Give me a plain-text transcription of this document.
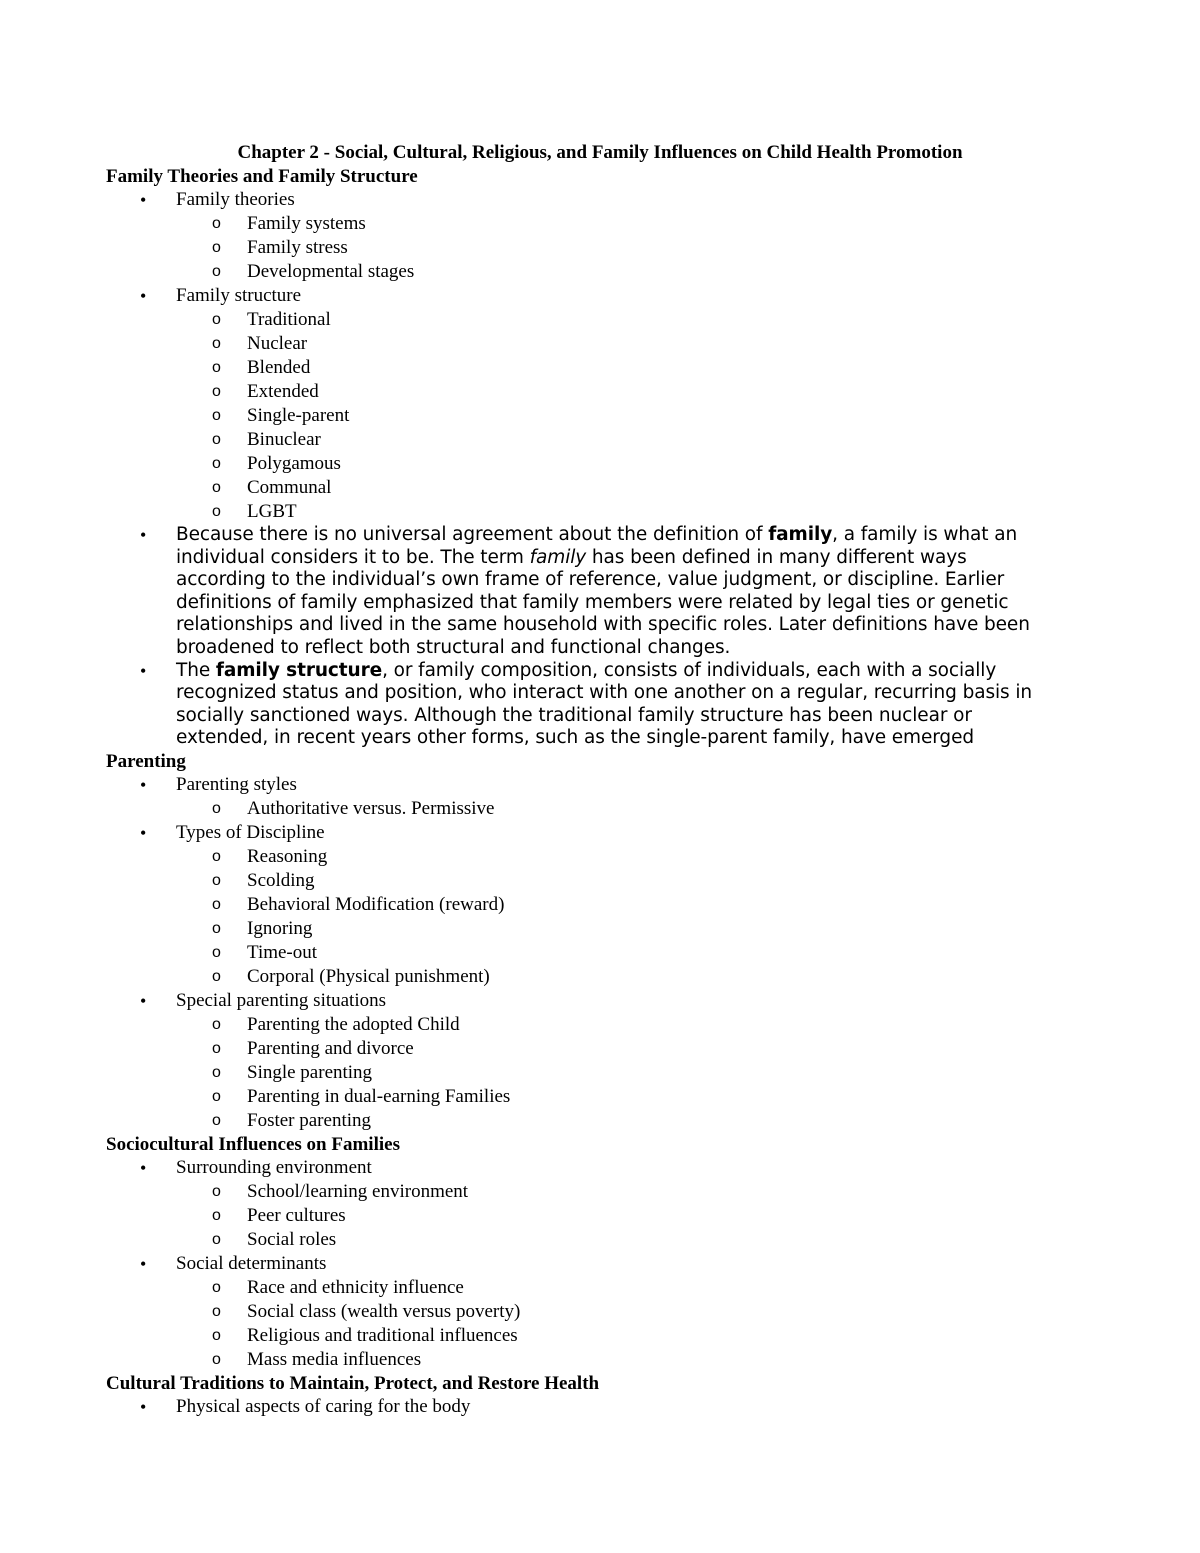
Chapter 2 - Social, Cultural, Religious, and Family Influences on Child Health Promotion
Family Theories and Family Structure
• Family theories
o Family systems
o Family stress
o Developmental stages
• Family structure
o Traditional
o Nuclear
o Blended
o Extended
o Single-parent
o Binuclear
o Polygamous
o Communal
o LGBT
• Because there is no universal agreement about the definition of family, a family is what an
individual considers it to be. The term family has been defined in many different ways
according to the individual’s own frame of reference, value judgment, or discipline. Earlier
definitions of family emphasized that family members were related by legal ties or genetic
relationships and lived in the same household with specific roles. Later definitions have been
broadened to reflect both structural and functional changes.
• The family structure, or family composition, consists of individuals, each with a socially
recognized status and position, who interact with one another on a regular, recurring basis in
socially sanctioned ways. Although the traditional family structure has been nuclear or
extended, in recent years other forms, such as the single-parent family, have emerged
Parenting
• Parenting styles
o Authoritative versus. Permissive
• Types of Discipline
o Reasoning
o Scolding
o Behavioral Modification (reward)
o Ignoring
o Time-out
o Corporal (Physical punishment)
• Special parenting situations
o Parenting the adopted Child
o Parenting and divorce
o Single parenting
o Parenting in dual-earning Families
o Foster parenting
Sociocultural Influences on Families
• Surrounding environment
o School/learning environment
o Peer cultures
o Social roles
• Social determinants
o Race and ethnicity influence
o Social class (wealth versus poverty)
o Religious and traditional influences
o Mass media influences
Cultural Traditions to Maintain, Protect, and Restore Health
• Physical aspects of caring for the body
